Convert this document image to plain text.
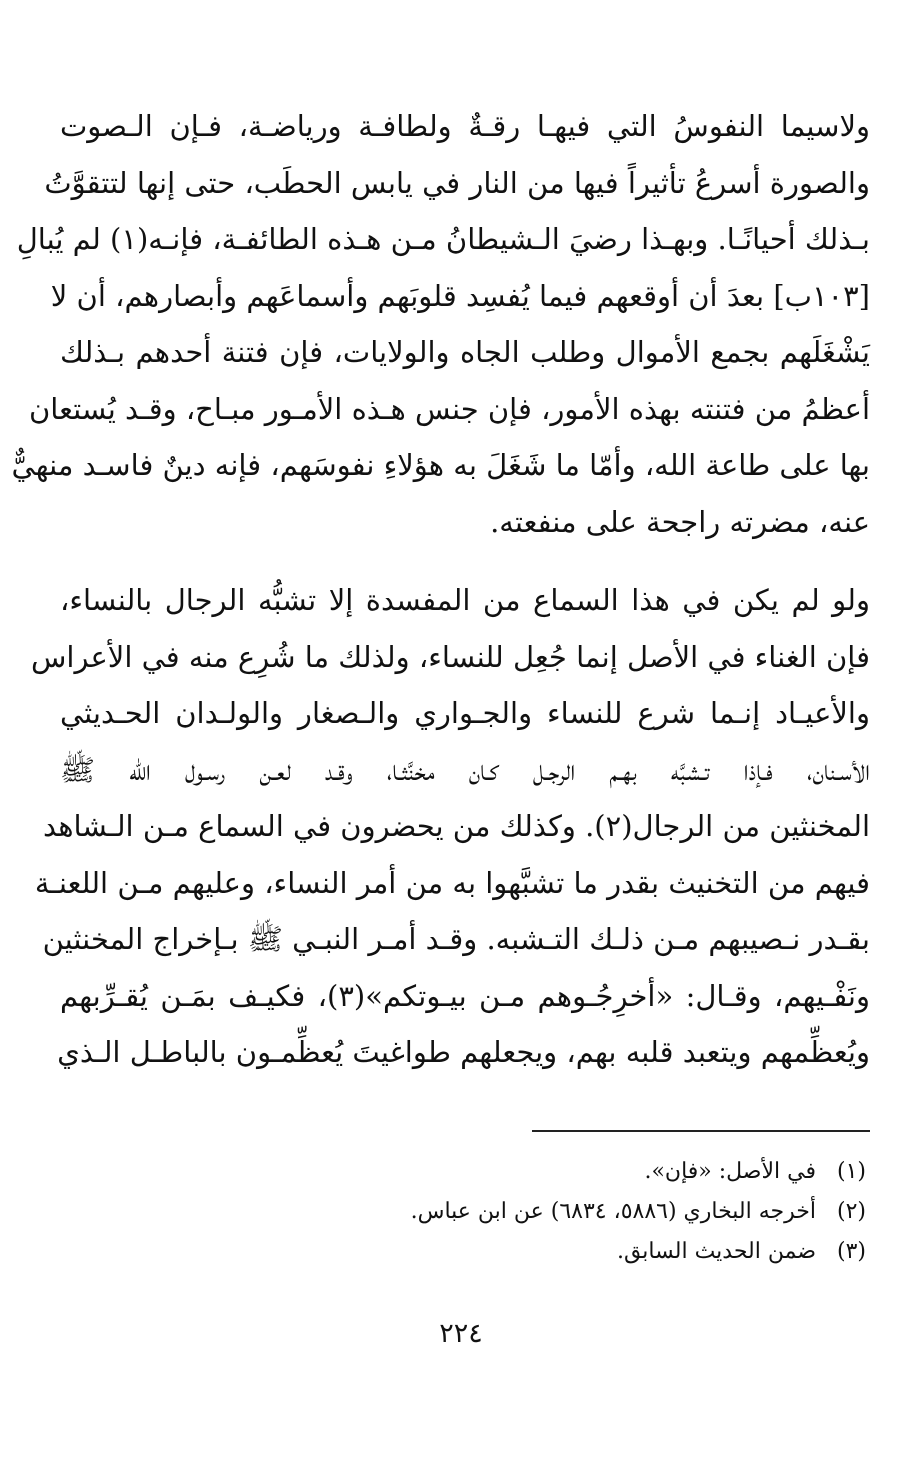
ولاسيما النفوسُ التي فيهـا رقـةٌ ولطافـة ورياضـة، فـإن الـصوت
والصورة أسرعُ تأثيراً فيها من النار في يابس الحطَب، حتى إنها لتتقوَّتُ
بـذلك أحيانًـا. وبهـذا رضيَ الـشيطانُ مـن هـذه الطائفـة، فإنـه(١) لم يُبالِ
[١٠٣ب] بعدَ أن أوقعهم فيما يُفسِد قلوبَهم وأسماعَهم وأبصارهم، أن لا
يَشْغَلَهم بجمع الأموال وطلب الجاه والولايات، فإن فتنة أحدهم بـذلك
أعظمُ من فتنته بهذه الأمور، فإن جنس هـذه الأمـور مبـاح، وقـد يُستعان
بها على طاعة الله، وأمّا ما شَغَلَ به هؤلاءِ نفوسَهم، فإنه دينٌ فاسـد منهيٌّ
عنه، مضرته راجحة على منفعته.

ولو لم يكن في هذا السماع من المفسدة إلا تشبُّه الرجال بالنساء،
فإن الغناء في الأصل إنما جُعِل للنساء، ولذلك ما شُرِع منه في الأعراس
والأعيـاد إنـما شرع للنساء والجـواري والـصغار والولـدان الحـديثي
الأسـنان، فـإذا تـشبَّه بهـم الرجـل كـان مخنَّثـا، وقـد لعـن رسـول الله ﷺ
المخنثين من الرجال(٢). وكذلك من يحضرون في السماع مـن الـشاهد
فيهم من التخنيث بقدر ما تشبَّهوا به من أمر النساء، وعليهم مـن اللعنـة
بقـدر نـصيبهم مـن ذلـك التـشبه. وقـد أمـر النبـي ﷺ بـإخراج المخنثين
ونَفْـيهم، وقـال: «أخرِجُـوهم مـن بيـوتكم»(٣)، فكيـف بمَـن يُقـرِّبهم
ويُعظِّمهم ويتعبد قلبه بهم، ويجعلهم طواغيتَ يُعظِّمـون بالباطـل الـذي

(١)في الأصل: «فإن».
(٢)أخرجه البخاري (٥٨٨٦، ٦٨٣٤) عن ابن عباس.
(٣)ضمن الحديث السابق.
٢٢٤
